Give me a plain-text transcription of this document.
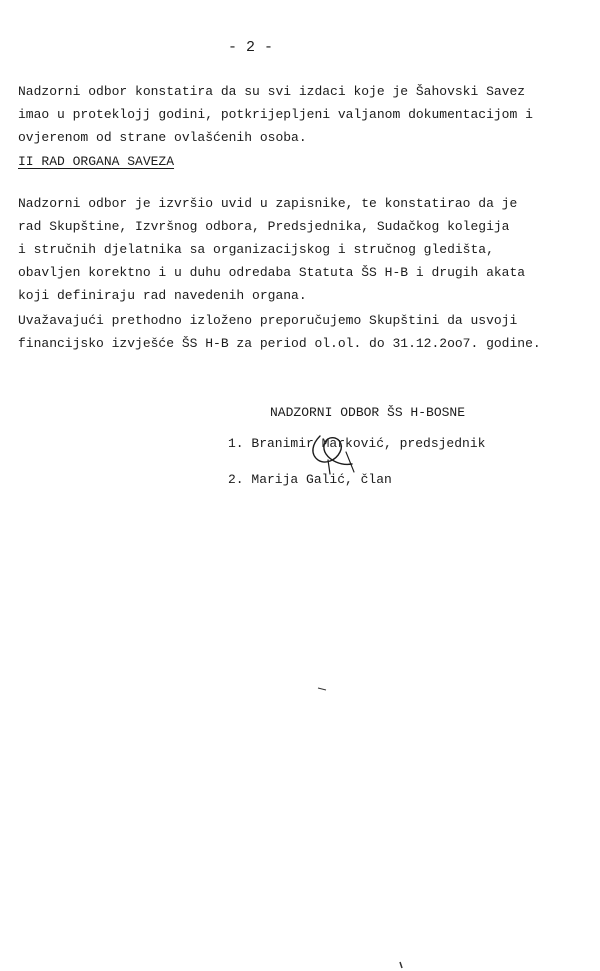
- 2 -
Nadzorni odbor konstatira da su svi izdaci koje je Šahovski Savez
imao u proteklojj godini, potkrijepljeni valjanom dokumentacijom i
ovjerenom od strane ovlašćenih osoba.
II RAD ORGANA SAVEZA
Nadzorni odbor je izvršio uvid u zapisnike, te konstatirao da je
rad Skupštine, Izvršnog odbora, Predsjednika, Sudačkog kolegija
i stručnih djelatnika sa organizacijskog i stručnog gledišta,
obavljen korektno i u duhu odredaba Statuta ŠS H-B i drugih akata
koji definiraju rad navedenih organa.
Uvažavajući prethodno izloženo preporučujemo Skupštini da usvoji
financijsko izvješće ŠS H-B za period ol.ol. do 31.12.2oo7. godine.
NADZORNI ODBOR ŠS H-BOSNE
1. Branimir Marković, predsjednik
2. Marija Galić, član
